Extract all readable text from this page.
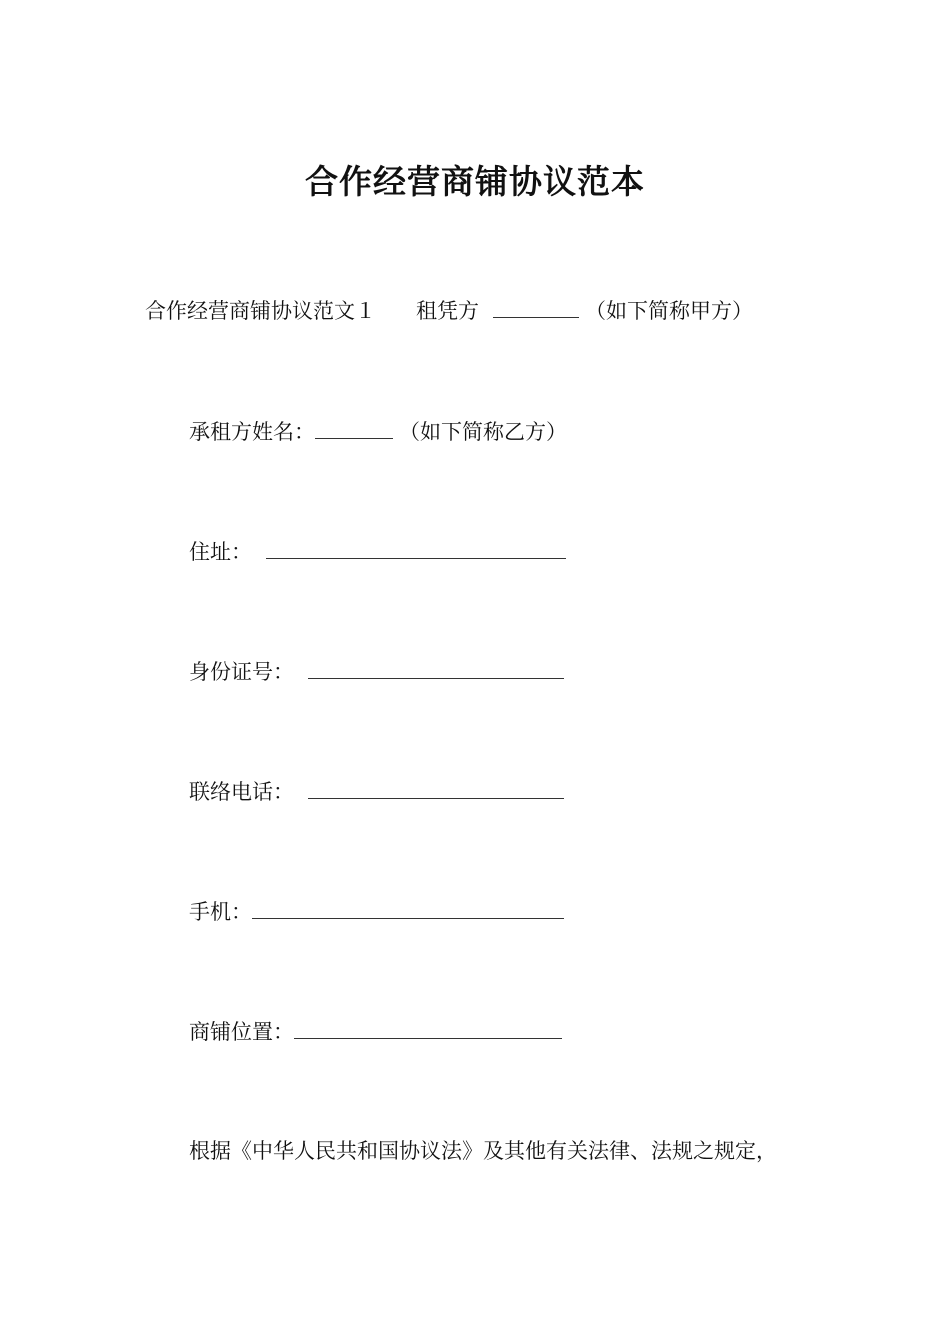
合作经营商铺协议范本
合作经营商铺协议范文１ 租凭方	（如下简称甲方）
承租方姓名：	（如下简称乙方）
住址：
身份证号：
联络电话：
手机：
商铺位置：
根据《中华人民共和国协议法》及其他有关法律、法规之规定，
